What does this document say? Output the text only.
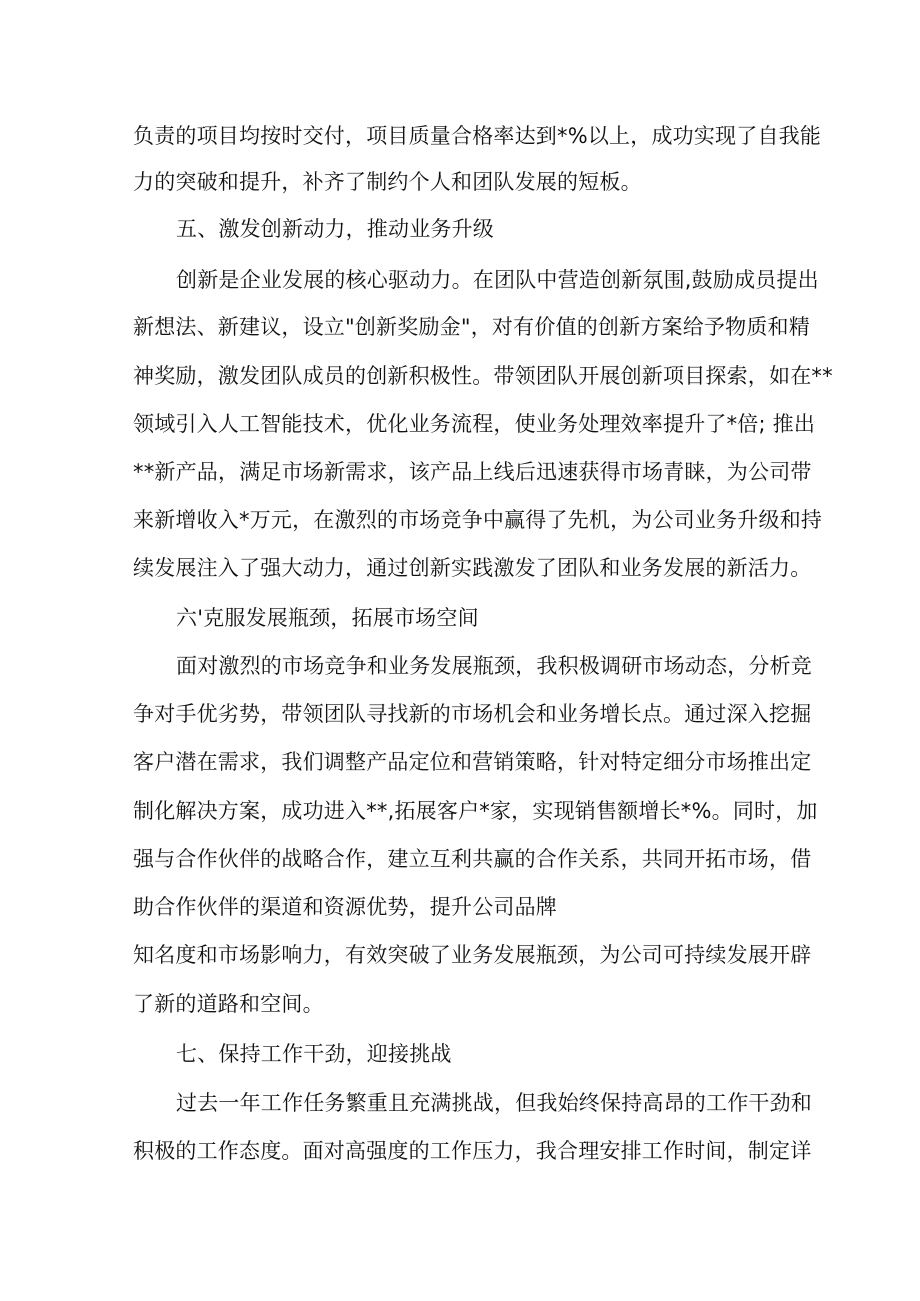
负责的项目均按时交付，项目质量合格率达到*%以上，成功实现了自我能
力的突破和提升，补齐了制约个人和团队发展的短板。
五、激发创新动力，推动业务升级
创新是企业发展的核心驱动力。在团队中营造创新氛围,鼓励成员提出
新想法、新建议，设立"创新奖励金"，对有价值的创新方案给予物质和精
神奖励，激发团队成员的创新积极性。带领团队开展创新项目探索，如在**
领域引入人工智能技术，优化业务流程，使业务处理效率提升了*倍; 推出
**新产品，满足市场新需求，该产品上线后迅速获得市场青睐，为公司带
来新增收入*万元，在激烈的市场竞争中赢得了先机，为公司业务升级和持
续发展注入了强大动力，通过创新实践激发了团队和业务发展的新活力。
六'克服发展瓶颈，拓展市场空间
面对激烈的市场竞争和业务发展瓶颈，我积极调研市场动态，分析竞
争对手优劣势，带领团队寻找新的市场机会和业务增长点。通过深入挖掘
客户潜在需求，我们调整产品定位和营销策略，针对特定细分市场推出定
制化解决方案，成功进入**,拓展客户*家，实现销售额增长*%。同时，加
强与合作伙伴的战略合作，建立互利共赢的合作关系，共同开拓市场，借
助合作伙伴的渠道和资源优势，提升公司品牌
知名度和市场影响力，有效突破了业务发展瓶颈，为公司可持续发展开辟
了新的道路和空间。
七、保持工作干劲，迎接挑战
过去一年工作任务繁重且充满挑战，但我始终保持高昂的工作干劲和
积极的工作态度。面对高强度的工作压力，我合理安排工作时间，制定详
